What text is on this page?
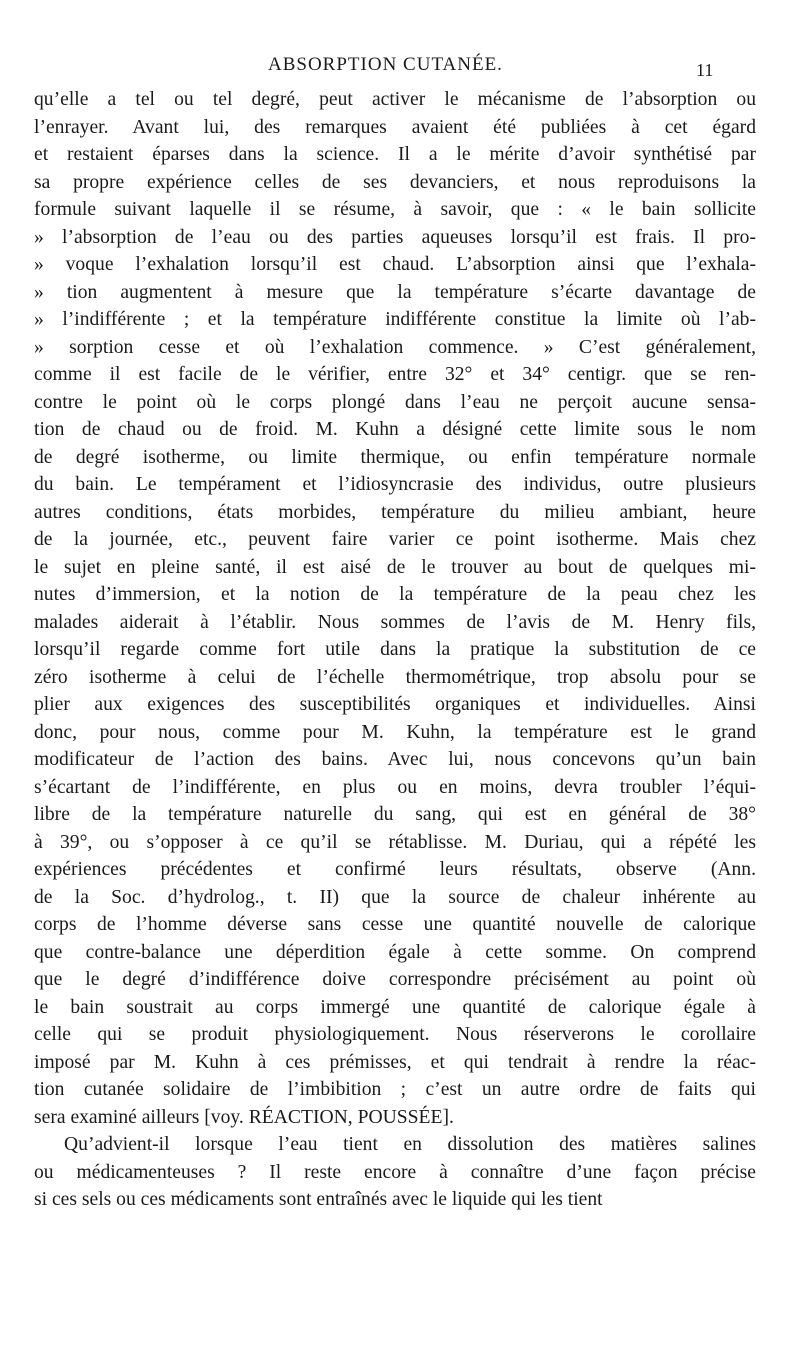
ABSORPTION CUTANÉE.	11
qu’elle a tel ou tel degré, peut activer le mécanisme de l’absorption ou
l’enrayer. Avant lui, des remarques avaient été publiées à cet égard
et restaient éparses dans la science. Il a le mérite d’avoir synthétisé par
sa propre expérience celles de ses devanciers, et nous reproduisons la
formule suivant laquelle il se résume, à savoir, que : « le bain sollicite
» l’absorption de l’eau ou des parties aqueuses lorsqu’il est frais. Il pro-
» voque l’exhalation lorsqu’il est chaud. L’absorption ainsi que l’exhala-
» tion augmentent à mesure que la température s’écarte davantage de
» l’indifférente ; et la température indifférente constitue la limite où l’ab-
» sorption cesse et où l’exhalation commence. » C’est généralement,
comme il est facile de le vérifier, entre 32° et 34° centigr. que se ren-
contre le point où le corps plongé dans l’eau ne perçoit aucune sensa-
tion de chaud ou de froid. M. Kuhn a désigné cette limite sous le nom
de degré isotherme, ou limite thermique, ou enfin température normale
du bain. Le tempérament et l’idiosyncrasie des individus, outre plusieurs
autres conditions, états morbides, température du milieu ambiant, heure
de la journée, etc., peuvent faire varier ce point isotherme. Mais chez
le sujet en pleine santé, il est aisé de le trouver au bout de quelques mi-
nutes d’immersion, et la notion de la température de la peau chez les
malades aiderait à l’établir. Nous sommes de l’avis de M. Henry fils,
lorsqu’il regarde comme fort utile dans la pratique la substitution de ce
zéro isotherme à celui de l’échelle thermométrique, trop absolu pour se
plier aux exigences des susceptibilités organiques et individuelles. Ainsi
donc, pour nous, comme pour M. Kuhn, la température est le grand
modificateur de l’action des bains. Avec lui, nous concevons qu’un bain
s’écartant de l’indifférente, en plus ou en moins, devra troubler l’équi-
libre de la température naturelle du sang, qui est en général de 38°
à 39°, ou s’opposer à ce qu’il se rétablisse. M. Duriau, qui a répété les
expériences précédentes et confirmé leurs résultats, observe (Ann.
de la Soc. d’hydrolog., t. II) que la source de chaleur inhérente au
corps de l’homme déverse sans cesse une quantité nouvelle de calorique
que contre-balance une déperdition égale à cette somme. On comprend
que le degré d’indifférence doive correspondre précisément au point où
le bain soustrait au corps immergé une quantité de calorique égale à
celle qui se produit physiologiquement. Nous réserverons le corollaire
imposé par M. Kuhn à ces prémisses, et qui tendrait à rendre la réac-
tion cutanée solidaire de l’imbibition ; c’est un autre ordre de faits qui
sera examiné ailleurs [voy. RÉACTION, POUSSÉE].
Qu’advient-il lorsque l’eau tient en dissolution des matières salines
ou médicamenteuses ? Il reste encore à connaître d’une façon précise
si ces sels ou ces médicaments sont entraînés avec le liquide qui les tient
